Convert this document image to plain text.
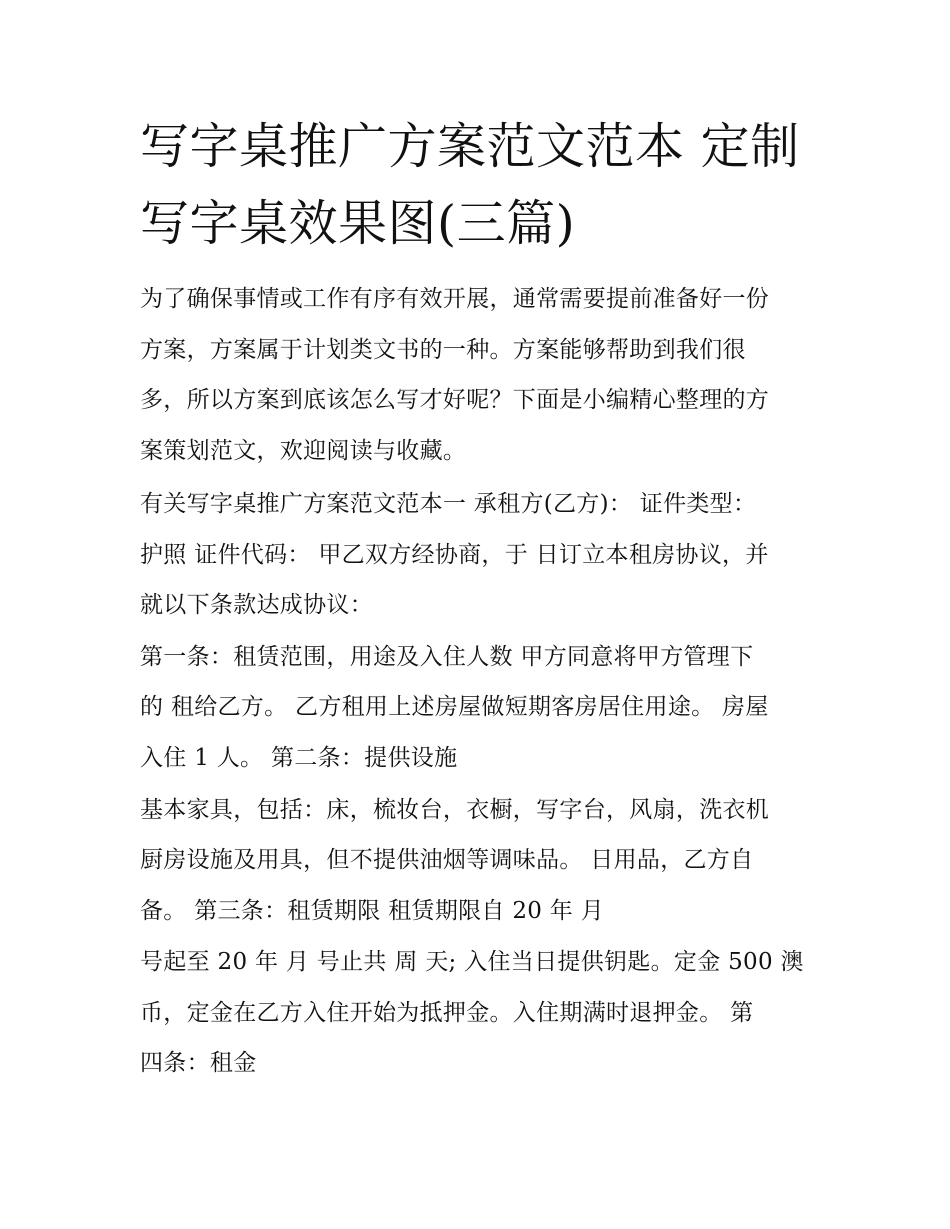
写字桌推广方案范文范本 定制
写字桌效果图(三篇)
为了确保事情或工作有序有效开展，通常需要提前准备好一份
方案，方案属于计划类文书的一种。方案能够帮助到我们很
多，所以方案到底该怎么写才好呢？下面是小编精心整理的方
案策划范文，欢迎阅读与收藏。
有关写字桌推广方案范文范本一 承租方(乙方)： 证件类型：
护照 证件代码： 甲乙双方经协商，于 日订立本租房协议，并
就以下条款达成协议：
第一条：租赁范围，用途及入住人数 甲方同意将甲方管理下
的 租给乙方。 乙方租用上述房屋做短期客房居住用途。 房屋
入住 1 人。 第二条：提供设施
基本家具，包括：床，梳妆台，衣橱，写字台，风扇，洗衣机
厨房设施及用具，但不提供油烟等调味品。 日用品，乙方自
备。 第三条：租赁期限 租赁期限自 20 年 月
号起至 20 年 月 号止共 周 天; 入住当日提供钥匙。定金 500 澳
币，定金在乙方入住开始为抵押金。入住期满时退押金。 第
四条：租金
